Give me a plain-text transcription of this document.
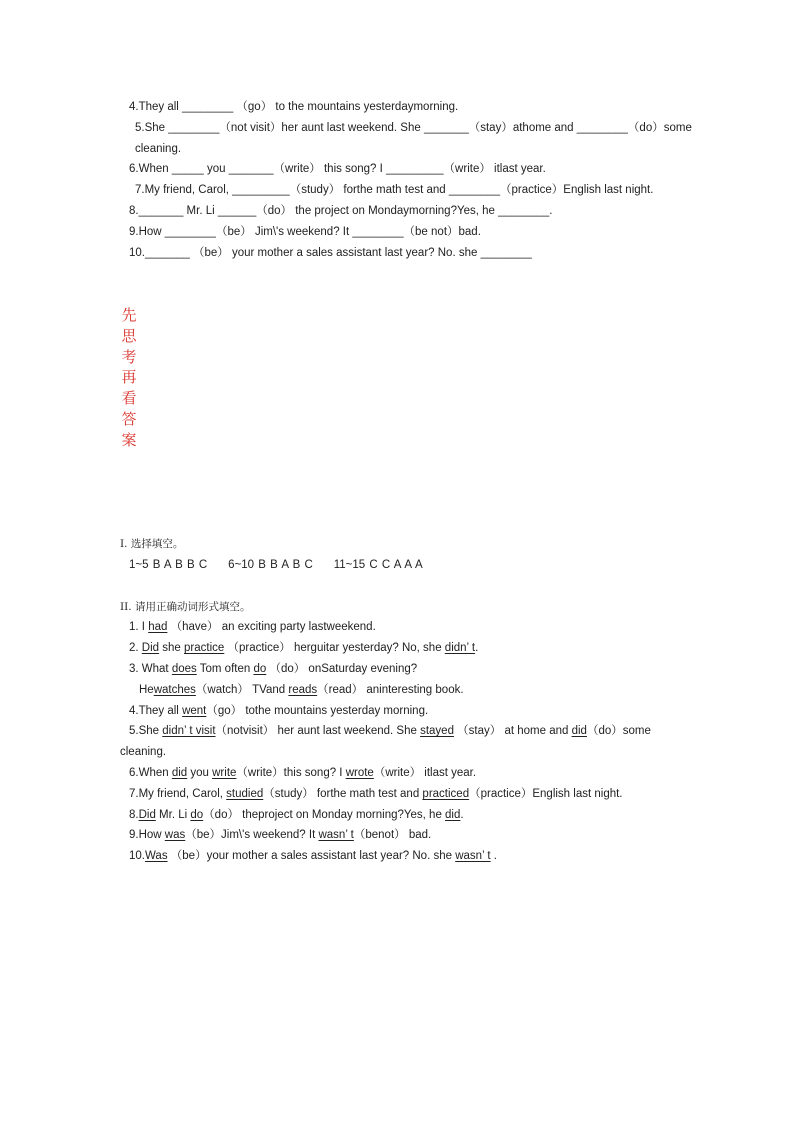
4.They all ________ （go） to the mountains yesterdaymorning.
5.She ________（not visit）her aunt last weekend. She _______（stay）athome and ________（do）some
cleaning.
6.When _____ you _______（write） this song? I _________（write） itlast year.
7.My friend, Carol, _________（study） forthe math test and ________（practice）English last night.
8._______ Mr. Li ______（do） the project on Mondaymorning?Yes, he ________.
9.How ________（be） Jim\'s weekend? It ________（be not）bad.
10._______ （be） your mother a sales assistant last year? No. she ________
先
思
考
再
看
答
案
I. 选择填空。
1~5 B A B B C     6~10 B B A B C     11~15 C C A A A
II. 请用正确动词形式填空。
1. I had （have） an exciting party lastweekend.
2. Did she practice （practice） herguitar yesterday? No, she didn’ t.
3. What does Tom often do （do） onSaturday evening?
Hewatches（watch） TVand reads（read） aninteresting book.
4.They all went（go） tothe mountains yesterday morning.
5.She didn’ t visit（notvisit） her aunt last weekend. She stayed （stay） at home and did（do）some
cleaning.
6.When did you write（write）this song? I wrote（write） itlast year.
7.My friend, Carol, studied（study） forthe math test and practiced（practice）English last night.
8.Did Mr. Li do（do） theproject on Monday morning?Yes, he did.
9.How was（be）Jim\'s weekend? It wasn’ t（benot） bad.
10.Was （be）your mother a sales assistant last year? No. she wasn’ t .
